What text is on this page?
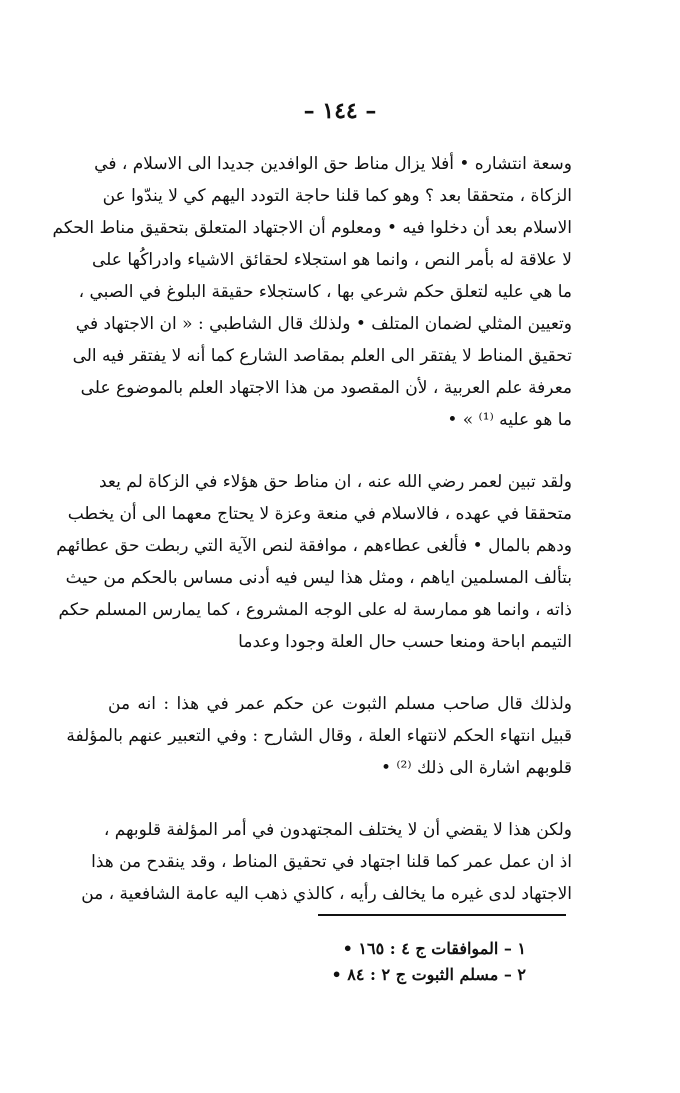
– ١٤٤ –
وسعة انتشاره • أفلا يزال مناط حق الوافدين جديدا الى الاسلام ، في
الزكاة ، متحققا بعد ؟ وهو كما قلنا حاجة التودد اليهم كي لا يندّوا عن
الاسلام بعد أن دخلوا فيه • ومعلوم أن الاجتهاد المتعلق بتحقيق مناط الحكم
لا علاقة له بأمر النص ، وانما هو استجلاء لحقائق الاشياء وادراكُها على
ما هي عليه لتعلق حكم شرعي بها ، كاستجلاء حقيقة البلوغ في الصبي ،
وتعيين المثلي لضمان المتلف • ولذلك قال الشاطبي : « ان الاجتهاد في
تحقيق المناط لا يفتقر الى العلم بمقاصد الشارع كما أنه لا يفتقر فيه الى
معرفة علم العربية ، لأن المقصود من هذا الاجتهاد العلم بالموضوع على
ما هو عليه ⁽¹⁾ » •
ولقد تبين لعمر رضي الله عنه ، ان مناط حق هؤلاء في الزكاة لم يعد
متحققا في عهده ، فالاسلام في منعة وعزة لا يحتاج معهما الى أن يخطب
ودهم بالمال • فألغى عطاءهم ، موافقة لنص الآية التي ربطت حق عطائهم
بتألف المسلمين اياهم ، ومثل هذا ليس فيه أدنى مساس بالحكم من حيث
ذاته ، وانما هو ممارسة له على الوجه المشروع ، كما يمارس المسلم حكم
التيمم اباحة ومنعا حسب حال العلة وجودا وعدما
ولذلك قال صاحب مسلم الثبوت عن حكم عمر في هذا : انه من
قبيل انتهاء الحكم لانتهاء العلة ، وقال الشارح : وفي التعبير عنهم بالمؤلفة
قلوبهم اشارة الى ذلك ⁽²⁾ •
ولكن هذا لا يقضي أن لا يختلف المجتهدون في أمر المؤلفة قلوبهم ،
اذ ان عمل عمر كما قلنا اجتهاد في تحقيق المناط ، وقد ينقدح من هذا
الاجتهاد لدى غيره ما يخالف رأيه ، كالذي ذهب اليه عامة الشافعية ، من
١ – الموافقات ج ٤ : ١٦٥ •
٢ – مسلم الثبوت ج ٢ : ٨٤ •
